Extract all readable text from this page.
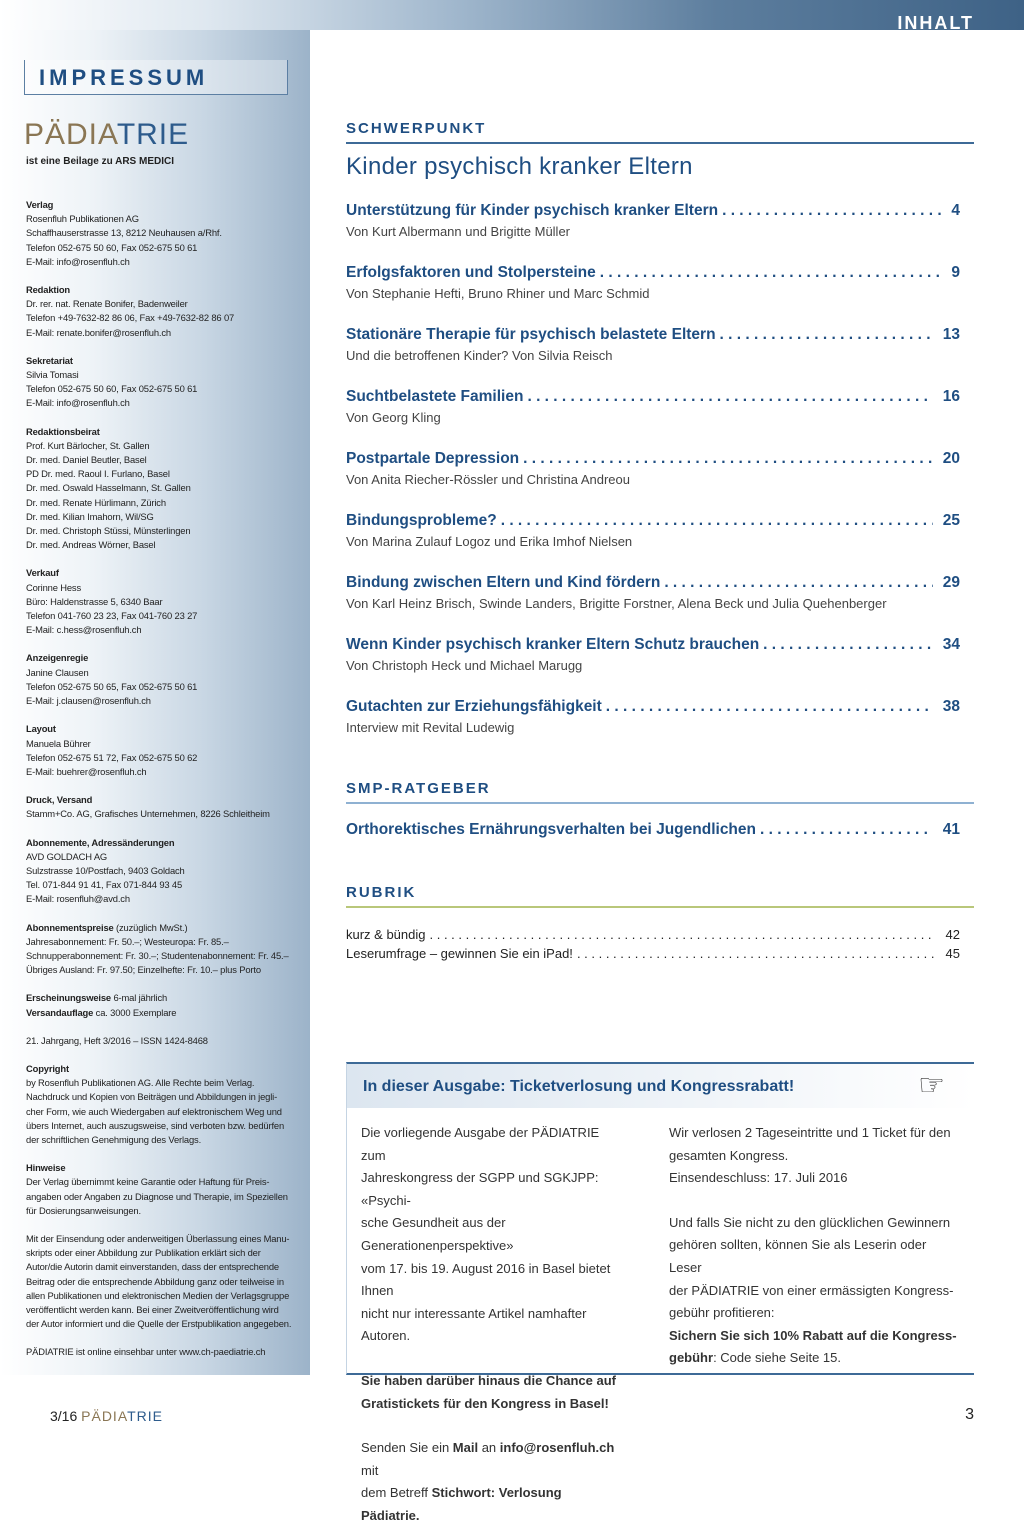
INHALT
IMPRESSUM
PÄDIATRIE
ist eine Beilage zu ARS MEDICI
Verlag
Rosenfluh Publikationen AG
Schaffhauserstrasse 13, 8212 Neuhausen a/Rhf.
Telefon 052-675 50 60, Fax 052-675 50 61
E-Mail: info@rosenfluh.ch
Redaktion
Dr. rer. nat. Renate Bonifer, Badenweiler
Telefon +49-7632-82 86 06, Fax +49-7632-82 86 07
E-Mail: renate.bonifer@rosenfluh.ch
Sekretariat
Silvia Tomasi
Telefon 052-675 50 60, Fax 052-675 50 61
E-Mail: info@rosenfluh.ch
Redaktionsbeirat
Prof. Kurt Bärlocher, St. Gallen
Dr. med. Daniel Beutler, Basel
PD Dr. med. Raoul I. Furlano, Basel
Dr. med. Oswald Hasselmann, St. Gallen
Dr. med. Renate Hürlimann, Zürich
Dr. med. Kilian Imahorn, Wil/SG
Dr. med. Christoph Stüssi, Münsterlingen
Dr. med. Andreas Wörner, Basel
Verkauf
Corinne Hess
Büro: Haldenstrasse 5, 6340 Baar
Telefon 041-760 23 23, Fax 041-760 23 27
E-Mail: c.hess@rosenfluh.ch
Anzeigenregie
Janine Clausen
Telefon 052-675 50 65, Fax 052-675 50 61
E-Mail: j.clausen@rosenfluh.ch
Layout
Manuela Bührer
Telefon 052-675 51 72, Fax 052-675 50 62
E-Mail: buehrer@rosenfluh.ch
Druck, Versand
Stamm+Co. AG, Grafisches Unternehmen, 8226 Schleitheim
Abonnemente, Adressänderungen
AVD GOLDACH AG
Sulzstrasse 10/Postfach, 9403 Goldach
Tel. 071-844 91 41, Fax 071-844 93 45
E-Mail: rosenfluh@avd.ch
Abonnementspreise (zuzüglich MwSt.)
Jahresabonnement: Fr. 50.–; Westeuropa: Fr. 85.–
Schnupperabonnement: Fr. 30.–; Studentenabonnement: Fr. 45.–
Übriges Ausland: Fr. 97.50; Einzelhefte: Fr. 10.– plus Porto
Erscheinungsweise 6-mal jährlich
Versandauflage ca. 3000 Exemplare
21. Jahrgang, Heft 3/2016 – ISSN 1424-8468
Copyright
by Rosenfluh Publikationen AG. Alle Rechte beim Verlag.
Nachdruck und Kopien von Beiträgen und Abbildungen in jegli-
cher Form, wie auch Wiedergaben auf elektronischem Weg und
übers Internet, auch auszugsweise, sind verboten bzw. bedürfen
der schriftlichen Genehmigung des Verlags.
Hinweise
Der Verlag übernimmt keine Garantie oder Haftung für Preis-
angaben oder Angaben zu Diagnose und Therapie, im Speziellen
für Dosierungsanweisungen.
Mit der Einsendung oder anderweitigen Überlassung eines Manu-
skripts oder einer Abbildung zur Publikation erklärt sich der
Autor/die Autorin damit einverstanden, dass der entsprechende
Beitrag oder die entsprechende Abbildung ganz oder teilweise in
allen Publikationen und elektronischen Medien der Verlagsgruppe
veröffentlicht werden kann. Bei einer Zweitveröffentlichung wird
der Autor informiert und die Quelle der Erstpublikation angegeben.
PÄDIATRIE ist online einsehbar unter www.ch-paediatrie.ch
SCHWERPUNKT
Kinder psychisch kranker Eltern
Unterstützung für Kinder psychisch kranker Eltern . . .	4
Von Kurt Albermann und Brigitte Müller
Erfolgsfaktoren und Stolpersteine . . .	9
Von Stephanie Hefti, Bruno Rhiner und Marc Schmid
Stationäre Therapie für psychisch belastete Eltern . . .	13
Und die betroffenen Kinder? Von Silvia Reisch
Suchtbelastete Familien . . .	16
Von Georg Kling
Postpartale Depression . . .	20
Von Anita Riecher-Rössler und Christina Andreou
Bindungsprobleme? . . .	25
Von Marina Zulauf Logoz und Erika Imhof Nielsen
Bindung zwischen Eltern und Kind fördern . . .	29
Von Karl Heinz Brisch, Swinde Landers, Brigitte Forstner, Alena Beck und Julia Quehenberger
Wenn Kinder psychisch kranker Eltern Schutz brauchen . . .	34
Von Christoph Heck und Michael Marugg
Gutachten zur Erziehungsfähigkeit . . .	38
Interview mit Revital Ludewig
SMP-RATGEBER
Orthorektisches Ernährungsverhalten bei Jugendlichen . . .	41
RUBRIK
kurz & bündig . . .	42
Leserumfrage – gewinnen Sie ein iPad! . . .	45
In dieser Ausgabe: Ticketverlosung und Kongressrabatt!	☞
Die vorliegende Ausgabe der PÄDIATRIE zum
Jahreskongress der SGPP und SGKJPP: «Psychi-
sche Gesundheit aus der Generationenperspektive»
vom 17. bis 19. August 2016 in Basel bietet Ihnen
nicht nur interessante Artikel namhafter Autoren.
Sie haben darüber hinaus die Chance auf
Gratistickets für den Kongress in Basel!
Senden Sie ein Mail an info@rosenfluh.ch mit
dem Betreff Stichwort: Verlosung Pädiatrie.
Wir verlosen 2 Tageseintritte und 1 Ticket für den
gesamten Kongress.
Einsendeschluss: 17. Juli 2016
Und falls Sie nicht zu den glücklichen Gewinnern
gehören sollten, können Sie als Leserin oder Leser
der PÄDIATRIE von einer ermässigten Kongress-
gebühr profitieren:
Sichern Sie sich 10% Rabatt auf die Kongress-
gebühr: Code siehe Seite 15.
3/16 PÄDIATRIE	3
